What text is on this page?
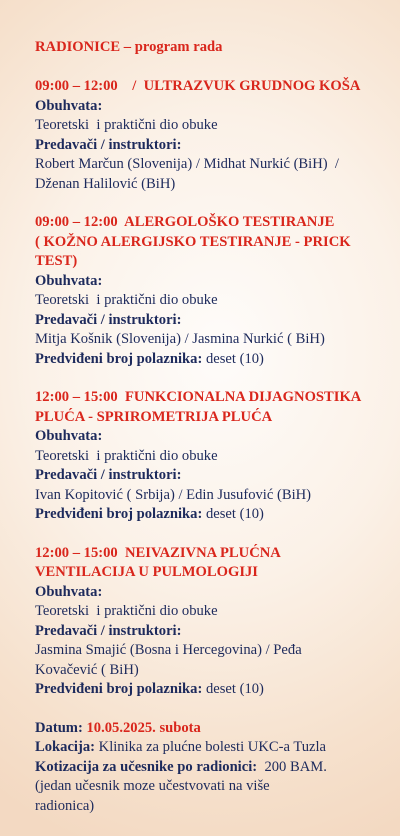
RADIONICE – program rada
09:00 – 12:00    /  ULTRAZVUK GRUDNOG KOŠA
Obuhvata:
Teoretski  i praktični dio obuke
Predavači / instruktori:
Robert Marčun (Slovenija) / Midhat Nurkić (BiH)  /
Dženan Halilović (BiH)
09:00 – 12:00  ALERGOLOŠKO TESTIRANJE
( KOŽNO ALERGIJSKO TESTIRANJE - PRICK
TEST)
Obuhvata:
Teoretski  i praktični dio obuke
Predavači / instruktori:
Mitja Košnik (Slovenija) / Jasmina Nurkić ( BiH)
Predviđeni broj polaznika: deset (10)
12:00 – 15:00  FUNKCIONALNA DIJAGNOSTIKA
PLUĆA - SPRIROMETRIJA PLUĆA
Obuhvata:
Teoretski  i praktični dio obuke
Predavači / instruktori:
Ivan Kopitović ( Srbija) / Edin Jusufović (BiH)
Predviđeni broj polaznika: deset (10)
12:00 – 15:00  NEIVAZIVNA PLUĆNA
VENTILACIJA U PULMOLOGIJI
Obuhvata:
Teoretski  i praktični dio obuke
Predavači / instruktori:
Jasmina Smajić (Bosna i Hercegovina) / Peđa
Kovačević ( BiH)
Predviđeni broj polaznika: deset (10)
Datum: 10.05.2025. subota
Lokacija: Klinika za plućne bolesti UKC-a Tuzla
Kotizacija za učesnike po radionici:  200 BAM.
(jedan učesnik moze učestvovati na više
radionica)
